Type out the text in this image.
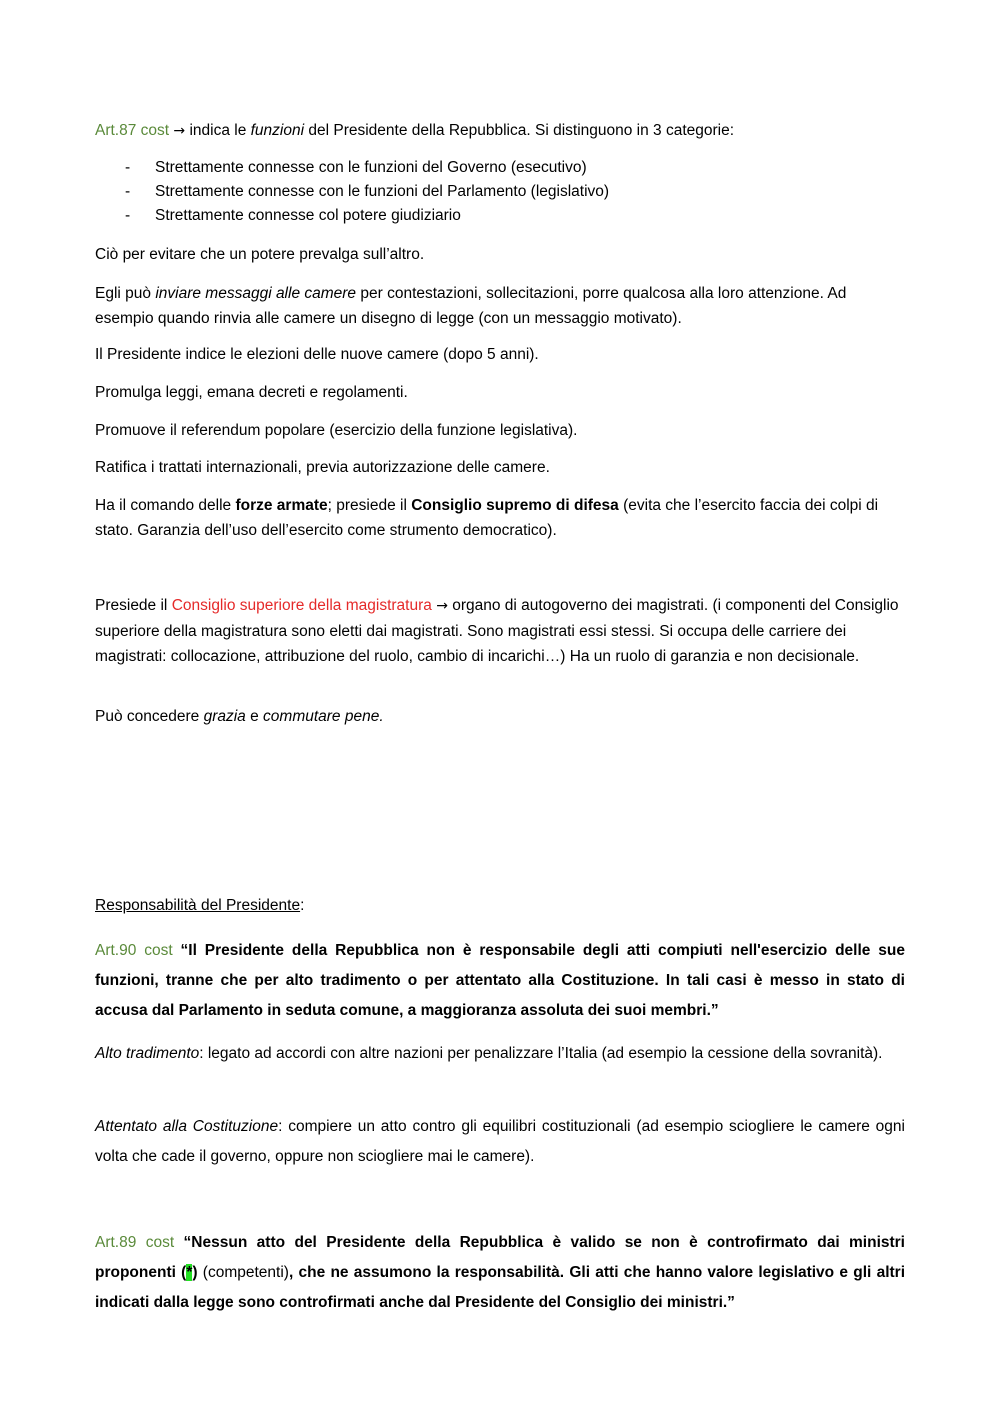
Art.87 cost → indica le funzioni del Presidente della Repubblica. Si distinguono in 3 categorie:

- Strettamente connesse con le funzioni del Governo (esecutivo)
- Strettamente connesse con le funzioni del Parlamento (legislativo)
- Strettamente connesse col potere giudiziario

Ciò per evitare che un potere prevalga sull’altro.

Egli può inviare messaggi alle camere per contestazioni, sollecitazioni, porre qualcosa alla loro attenzione. Ad esempio quando rinvia alle camere un disegno di legge (con un messaggio motivato).

Il Presidente indice le elezioni delle nuove camere (dopo 5 anni).

Promulga leggi, emana decreti e regolamenti.

Promuove il referendum popolare (esercizio della funzione legislativa).

Ratifica i trattati internazionali, previa autorizzazione delle camere.

Ha il comando delle forze armate; presiede il Consiglio supremo di difesa (evita che l’esercito faccia dei colpi di stato. Garanzia dell’uso dell’esercito come strumento democratico).

Presiede il Consiglio superiore della magistratura → organo di autogoverno dei magistrati. (i componenti del Consiglio superiore della magistratura sono eletti dai magistrati. Sono magistrati essi stessi. Si occupa delle carriere dei magistrati: collocazione, attribuzione del ruolo, cambio di incarichi…) Ha un ruolo di garanzia e non decisionale.

Può concedere grazia e commutare pene.

Responsabilità del Presidente:

Art.90 cost “Il Presidente della Repubblica non è responsabile degli atti compiuti nell'esercizio delle sue funzioni, tranne che per alto tradimento o per attentato alla Costituzione. In tali casi è messo in stato di accusa dal Parlamento in seduta comune, a maggioranza assoluta dei suoi membri.”

Alto tradimento: legato ad accordi con altre nazioni per penalizzare l’Italia (ad esempio la cessione della sovranità).

Attentato alla Costituzione: compiere un atto contro gli equilibri costituzionali (ad esempio sciogliere le camere ogni volta che cade il governo, oppure non sciogliere mai le camere).

Art.89 cost “Nessun atto del Presidente della Repubblica è valido se non è controfirmato dai ministri proponenti (*) (competenti), che ne assumono la responsabilità. Gli atti che hanno valore legislativo e gli altri indicati dalla legge sono controfirmati anche dal Presidente del Consiglio dei ministri.”
